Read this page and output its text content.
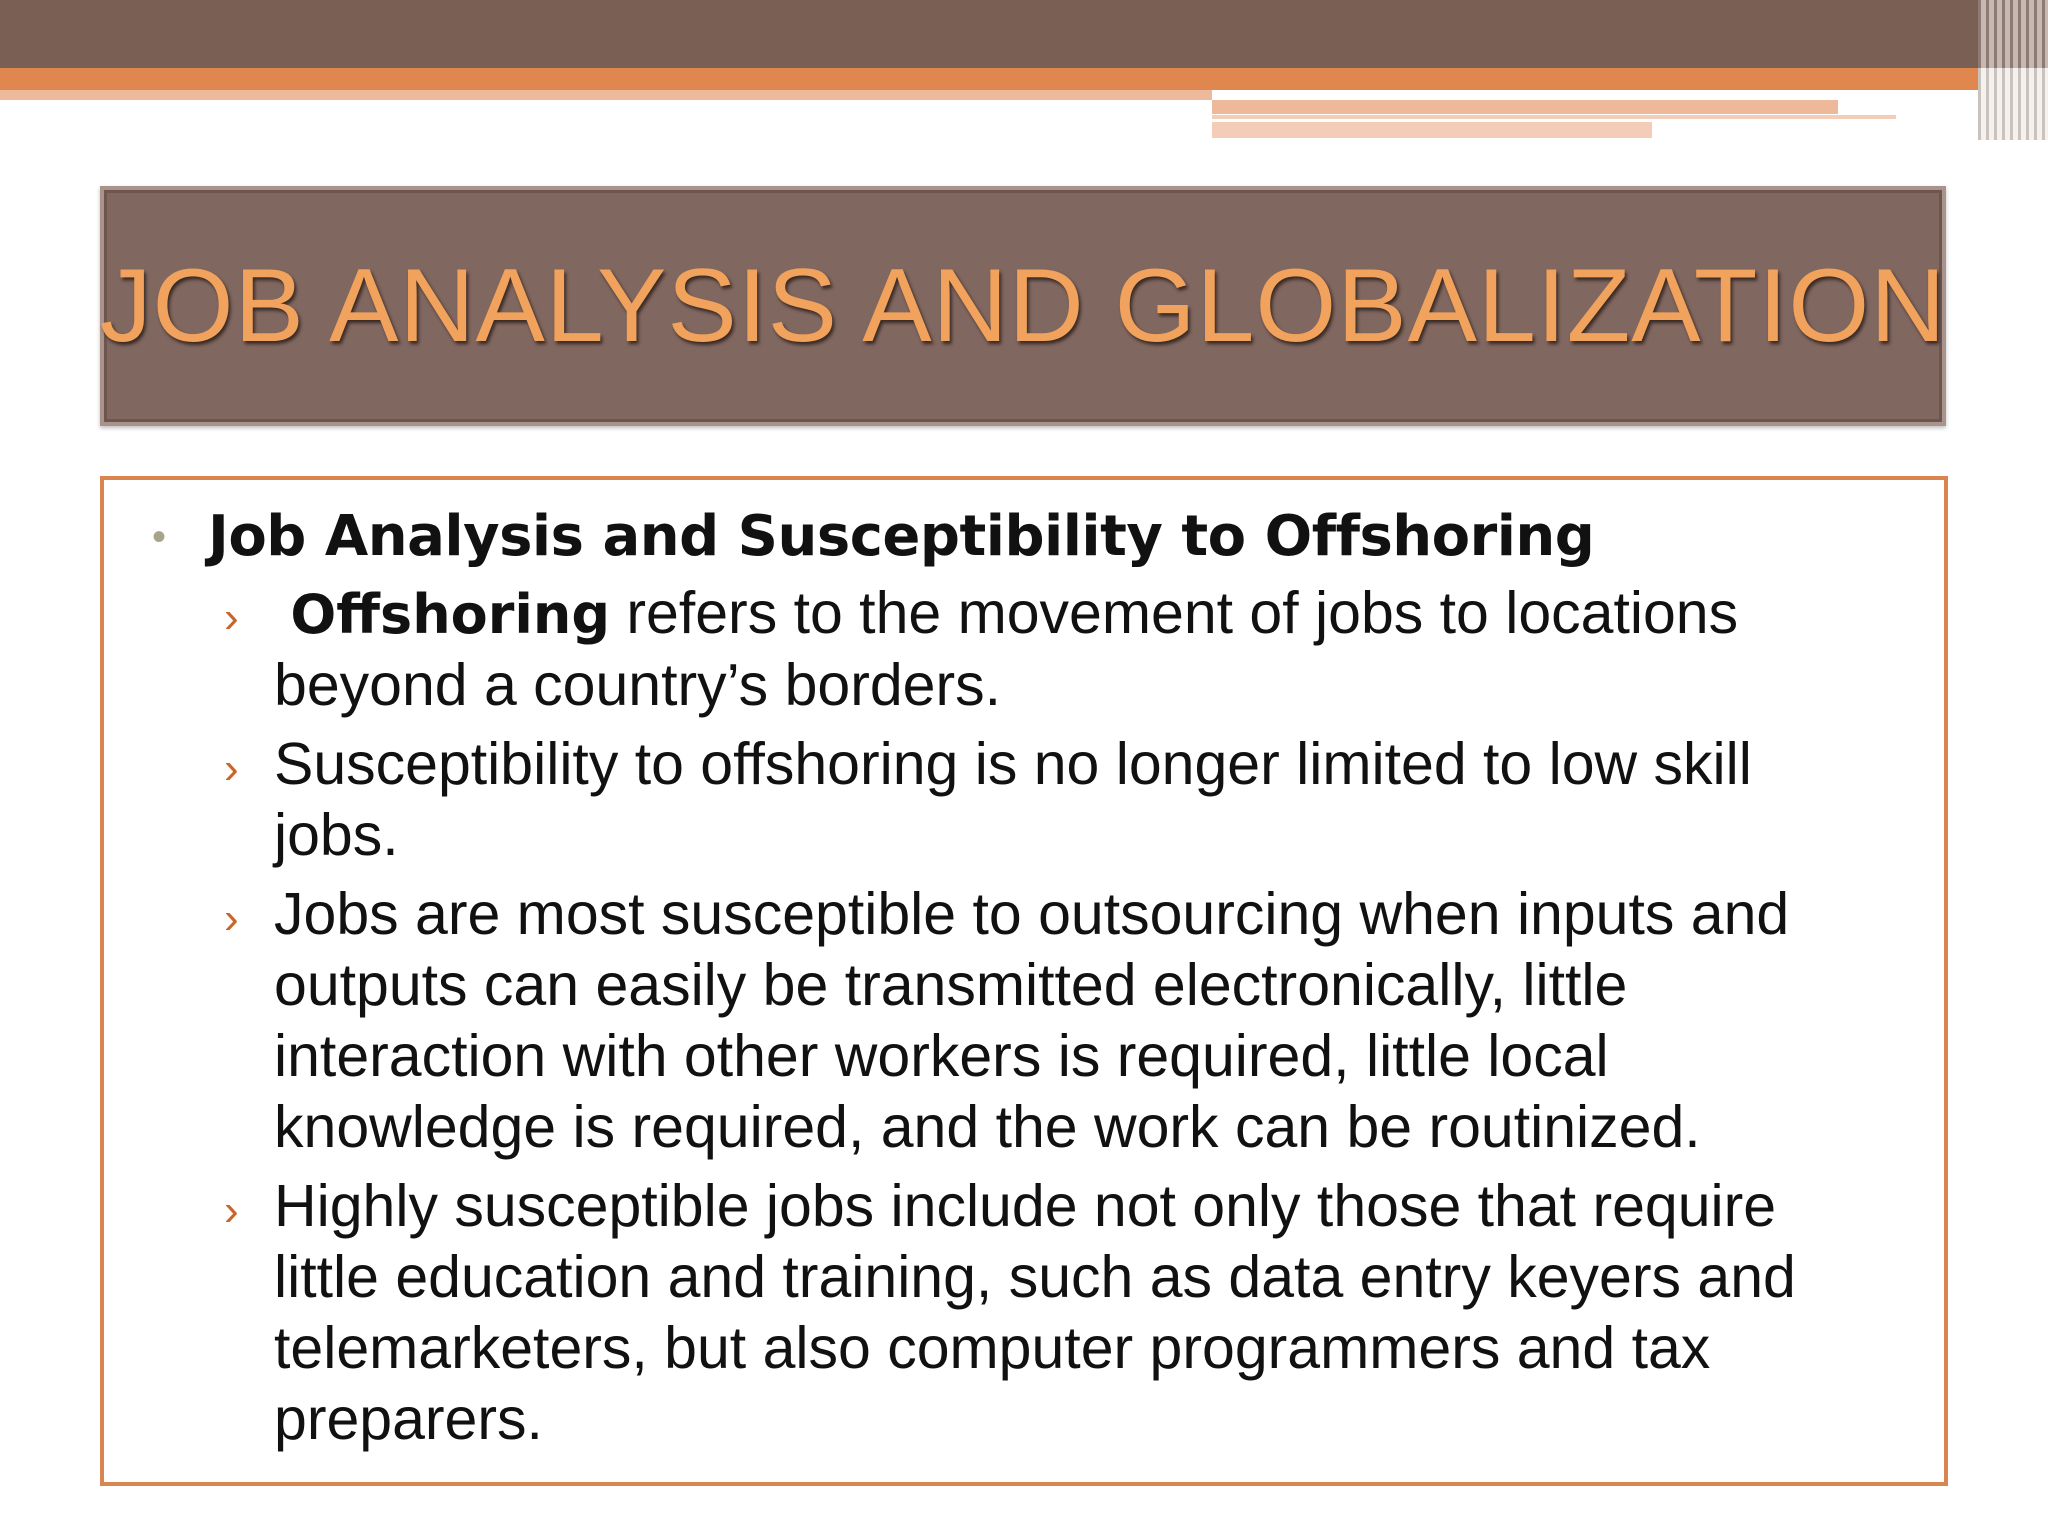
JOB ANALYSIS AND GLOBALIZATION
• Job Analysis and Susceptibility to Offshoring
› Offshoring refers to the movement of jobs to locations beyond a country’s borders.
› Susceptibility to offshoring is no longer limited to low skill jobs.
› Jobs are most susceptible to outsourcing when inputs and outputs can easily be transmitted electronically, little interaction with other workers is required, little local knowledge is required, and the work can be routinized.
› Highly susceptible jobs include not only those that require little education and training, such as data entry keyers and telemarketers, but also computer programmers and tax preparers.
